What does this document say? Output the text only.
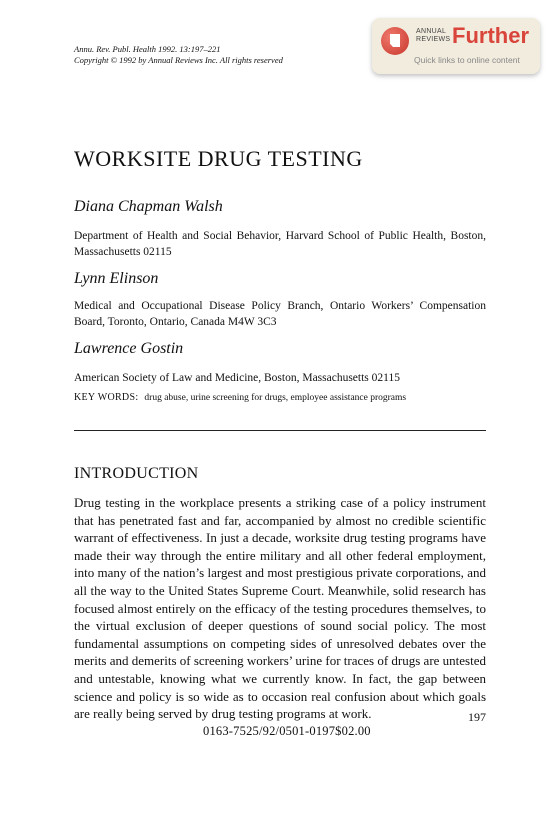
Annu. Rev. Publ. Health 1992. 13:197–221
Copyright © 1992 by Annual Reviews Inc. All rights reserved
ANNUAL
REVIEWS Further
Quick links to online content
WORKSITE DRUG TESTING
Diana Chapman Walsh
Department of Health and Social Behavior, Harvard School of Public Health, Boston, Massachusetts 02115
Lynn Elinson
Medical and Occupational Disease Policy Branch, Ontario Workers’ Compensation Board, Toronto, Ontario, Canada M4W 3C3
Lawrence Gostin
American Society of Law and Medicine, Boston, Massachusetts 02115
KEY WORDS: drug abuse, urine screening for drugs, employee assistance programs
INTRODUCTION
Drug testing in the workplace presents a striking case of a policy instrument that has penetrated fast and far, accompanied by almost no credible scientific warrant of effectiveness. In just a decade, worksite drug testing programs have made their way through the entire military and all other federal employment, into many of the nation’s largest and most prestigious private corporations, and all the way to the United States Supreme Court. Meanwhile, solid research has focused almost entirely on the efficacy of the testing procedures themselves, to the virtual exclusion of deeper questions of sound social policy. The most fundamental assumptions on competing sides of unresolved debates over the merits and demerits of screening workers’ urine for traces of drugs are untested and untestable, knowing what we currently know. In fact, the gap between science and policy is so wide as to occasion real confusion about which goals are really being served by drug testing programs at work.	197
0163-7525/92/0501-0197$02.00
